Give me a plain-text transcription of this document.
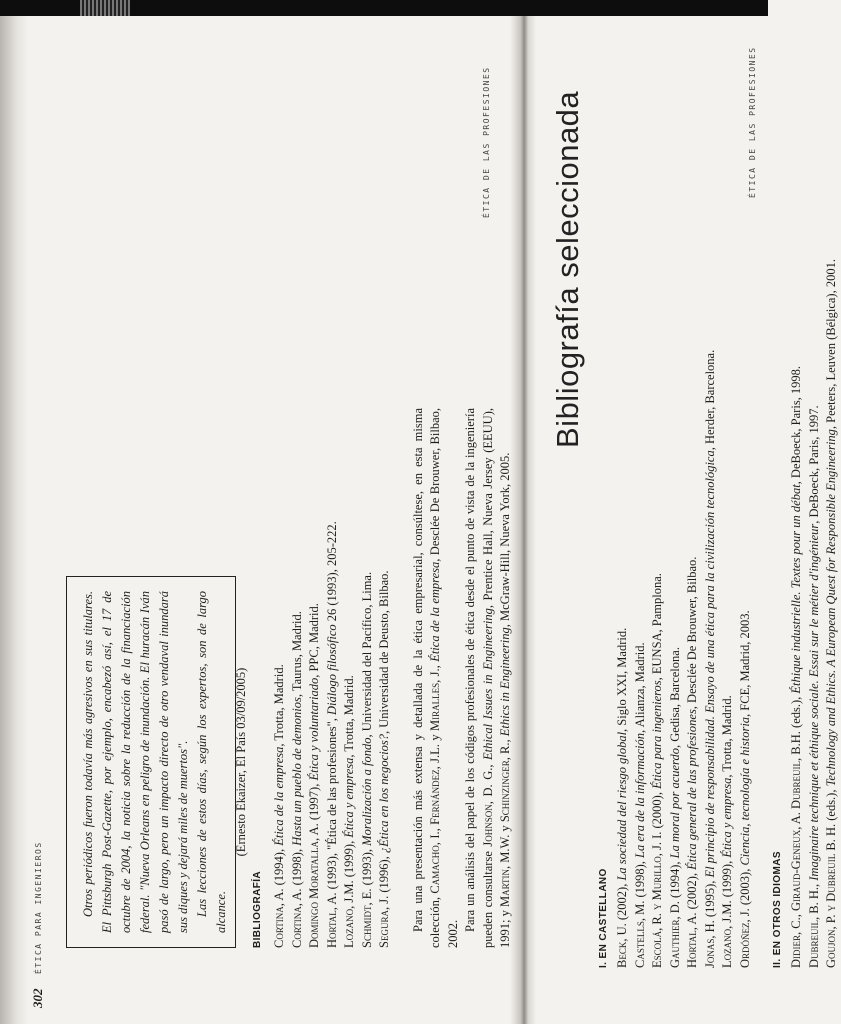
302
ÉTICA PARA INGENIEROS	Otros periódicos fueron todavía más agresivos en sus titulares. El Pittsburgh Post-Gazette, por ejemplo, encabezó así, el 17 de octubre de 2004, la noticia sobre la reducción de la financiación federal. "Nueva Orleans en peligro de inundación. El huracán Iván pasó de largo, pero un impacto directo de otro vendaval inundará sus diques y dejará miles de muertos". Las lecciones de estos días, según los expertos, son de largo alcance.

(Ernesto Ekaizer, El País 03/09/2005)
BIBLIOGRAFÍA Cortina, A. (1994), Ética de la empresa, Trotta, Madrid.

Cortina, A. (1998), Hasta un pueblo de demonios, Taurus, Madrid.

Domingo Moratalla, A. (1997), Ética y voluntariado, PPC, Madrid.

Hortal, A. (1993), "Ética de las profesiones", Diálogo filosófico 26 (1993), 205-222.

Lozano, J.M. (1999), Ética y empresa, Trotta, Madrid.

Schmidt, E. (1993), Moralización a fondo, Universidad del Pacífico, Lima.

Segura, J. (1996), ¿Ética en los negocios?, Universidad de Deusto, Bilbao. Para una presentación más extensa y detallada de la ética empresarial, consúltese, en esta misma colección, Camacho, I., Fernández, J.L. y Miralles, J., Ética de la empresa, Desclée De Brouwer, Bilbao, 2002.

Para un análisis del papel de los códigos profesionales de ética desde el punto de vista de la ingeniería pueden consultarse Johnson, D. G., Ethical Issues in Engineering, Prentice Hall, Nueva Jersey (EEUU), 1991; y Martin, M.W. y Schinzinger, R., Ethics in Engineering, McGraw-Hill, Nueva York, 2005.

ÉTICA DE LAS PROFESIONES Bibliografía seleccionada
I. EN CASTELLANO Beck, U. (2002), La sociedad del riesgo global, Siglo XXI, Madrid.

Castells, M. (1998), La era de la información, Alianza, Madrid.

Escolá, R. y Murillo, J. I. (2000), Ética para ingenieros, EUNSA, Pamplona.

Gauthier, D. (1994), La moral por acuerdo, Gedisa, Barcelona.

Hortal, A. (2002), Ética general de las profesiones, Desclée De Brouwer, Bilbao.

Jonas, H. (1995), El principio de responsabilidad. Ensayo de una ética para la civilización tecnológica, Herder, Barcelona.

Lozano, J.M. (1999), Ética y empresa, Trotta, Madrid.

Ordóñez, J. (2003), Ciencia, tecnología e historia, FCE, Madrid, 2003.

II. EN OTROS IDIOMAS Didier, C., Giraud-Geneux, A. Dubreuil, B.H. (eds.), Éthique industrielle. Textes pour un débat, DeBoeck, Paris, 1998.

Dubreuil, B. H., Imaginaire technique et éthique sociale. Essai sur le métier d'ingénieur, DeBoeck, Paris, 1997.

Goujon, P. y Dubreuil B. H. (eds.), Technology and Ethics. A European Quest for Responsible Engineering, Peeters, Leuven (Bélgica), 2001.

ÉTICA DE LAS PROFESIONES
